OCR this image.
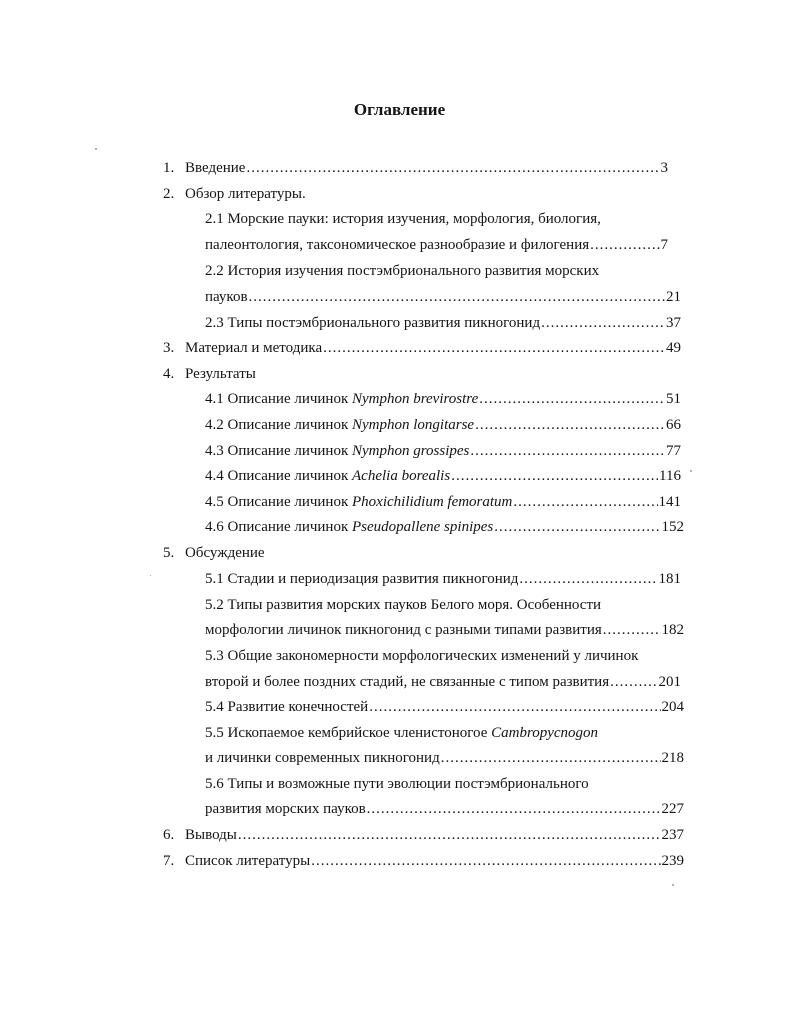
Оглавление
1. Введение .....	3
2. Обзор литературы.
2.1 Морские пауки: история изучения, морфология, биология,
палеонтология, таксономическое разнообразие и филогения .....	7
2.2 История изучения постэмбрионального развития морских
пауков .....	21
2.3 Типы постэмбрионального развития пикногонид .....	37
3. Материал и методика .....	49
4. Результаты
4.1 Описание личинок Nymphon brevirostre .....	51
4.2 Описание личинок Nymphon longitarse .....	66
4.3 Описание личинок Nymphon grossipes .....	77
4.4 Описание личинок Achelia borealis .....	116
4.5 Описание личинок Phoxichilidium femoratum .....	141
4.6 Описание личинок Pseudopallene spinipes .....	152
5. Обсуждение
5.1 Стадии и периодизация развития пикногонид .....	181
5.2 Типы развития морских пауков Белого моря. Особенности
морфологии личинок пикногонид с разными типами развития .....	182
5.3 Общие закономерности морфологических изменений у личинок
второй и более поздних стадий, не связанные с типом развития .....	201
5.4 Развитие конечностей .....	204
5.5 Ископаемое кембрийское членистоногое Cambropycnogon
и личинки современных пикногонид .....	218
5.6 Типы и возможные пути эволюции постэмбрионального
развития морских пауков .....	227
6. Выводы .....	237
7. Список литературы .....	239
